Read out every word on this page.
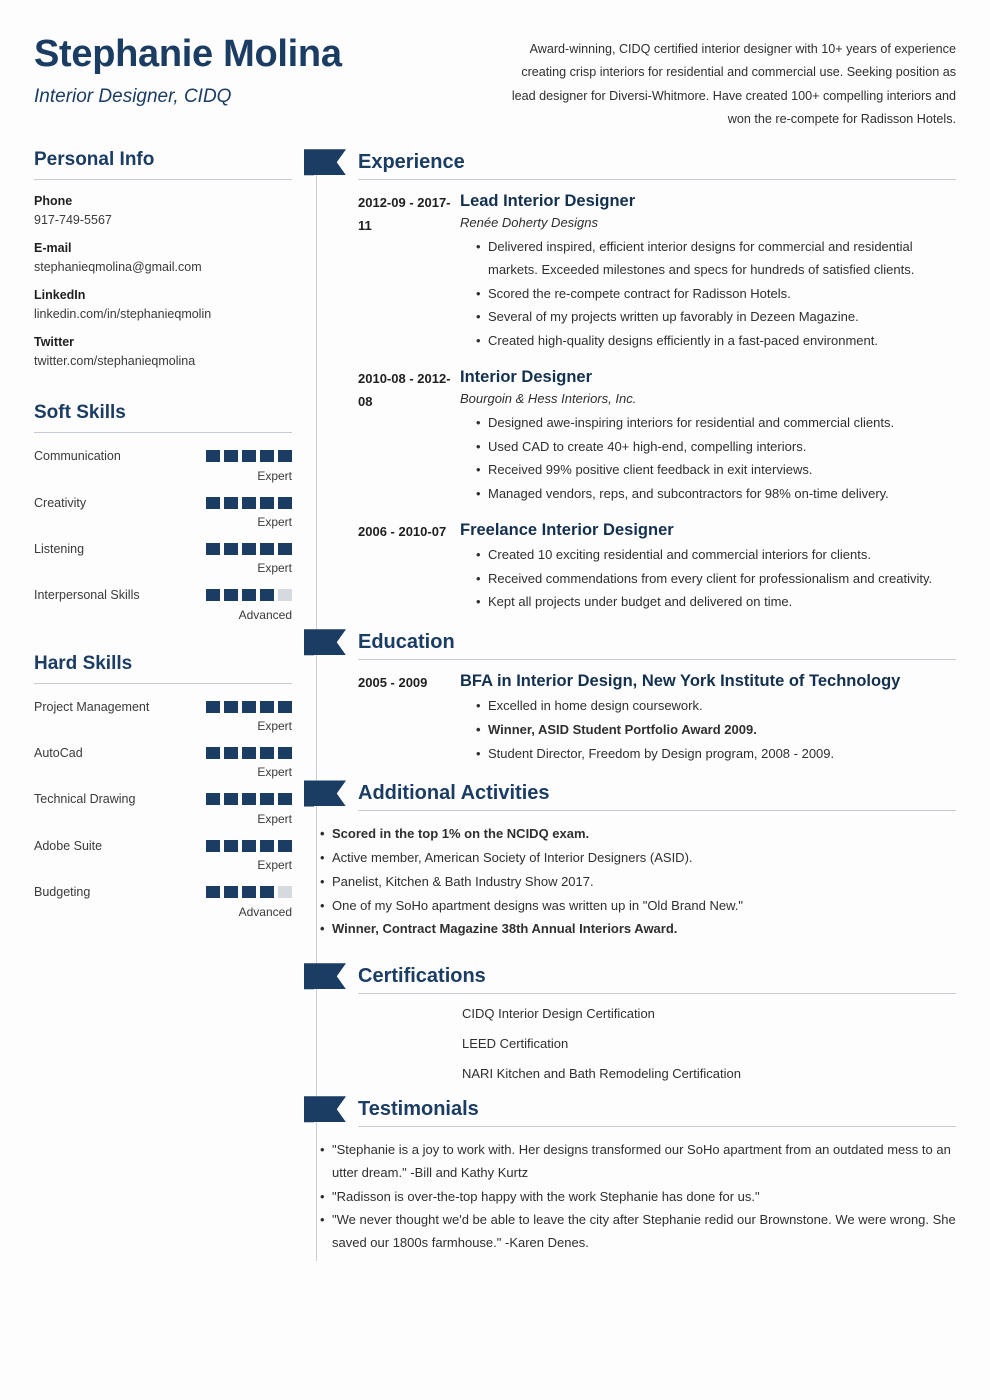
Stephanie Molina

Interior Designer, CIDQ

Award-winning, CIDQ certified interior designer with 10+ years of experience creating crisp interiors for residential and commercial use. Seeking position as lead designer for Diversi-Whitmore. Have created 100+ compelling interiors and won the re-compete for Radisson Hotels.
Personal Info
Phone
917-749-5567
E-mail
stephanieqmolina@gmail.com
LinkedIn
linkedin.com/in/stephanieqmolin
Twitter
twitter.com/stephanieqmolina
Soft Skills
Communication
Expert
Creativity
Expert
Listening
Expert
Interpersonal Skills
Advanced
Hard Skills
Project Management
Expert
AutoCad
Expert
Technical Drawing
Expert
Adobe Suite
Expert
Budgeting
Advanced
Experience
2012-09 - 2017-11
Lead Interior Designer

Renée Doherty Designs

• Delivered inspired, efficient interior designs for commercial and residential markets. Exceeded milestones and specs for hundreds of satisfied clients.
• Scored the re-compete contract for Radisson Hotels.
• Several of my projects written up favorably in Dezeen Magazine.
• Created high-quality designs efficiently in a fast-paced environment.
2010-08 - 2012-08
Interior Designer

Bourgoin & Hess Interiors, Inc.

• Designed awe-inspiring interiors for residential and commercial clients.
• Used CAD to create 40+ high-end, compelling interiors.
• Received 99% positive client feedback in exit interviews.
• Managed vendors, reps, and subcontractors for 98% on-time delivery.
2006 - 2010-07 Freelance Interior Designer
• Created 10 exciting residential and commercial interiors for clients.
• Received commendations from every client for professionalism and creativity.
• Kept all projects under budget and delivered on time.
Education
2005 - 2009	BFA in Interior Design, New York Institute of Technology
• Excelled in home design coursework.
• Winner, ASID Student Portfolio Award 2009.
• Student Director, Freedom by Design program, 2008 - 2009.
Additional Activities
• Scored in the top 1% on the NCIDQ exam.
• Active member, American Society of Interior Designers (ASID).
• Panelist, Kitchen & Bath Industry Show 2017.
• One of my SoHo apartment designs was written up in "Old Brand New."
• Winner, Contract Magazine 38th Annual Interiors Award.
Certifications
CIDQ Interior Design Certification
LEED Certification
NARI Kitchen and Bath Remodeling Certification
Testimonials
• "Stephanie is a joy to work with. Her designs transformed our SoHo apartment from an outdated mess to an utter dream." -Bill and Kathy Kurtz
• "Radisson is over-the-top happy with the work Stephanie has done for us."
• "We never thought we'd be able to leave the city after Stephanie redid our Brownstone. We were wrong. She saved our 1800s farmhouse." -Karen Denes.
